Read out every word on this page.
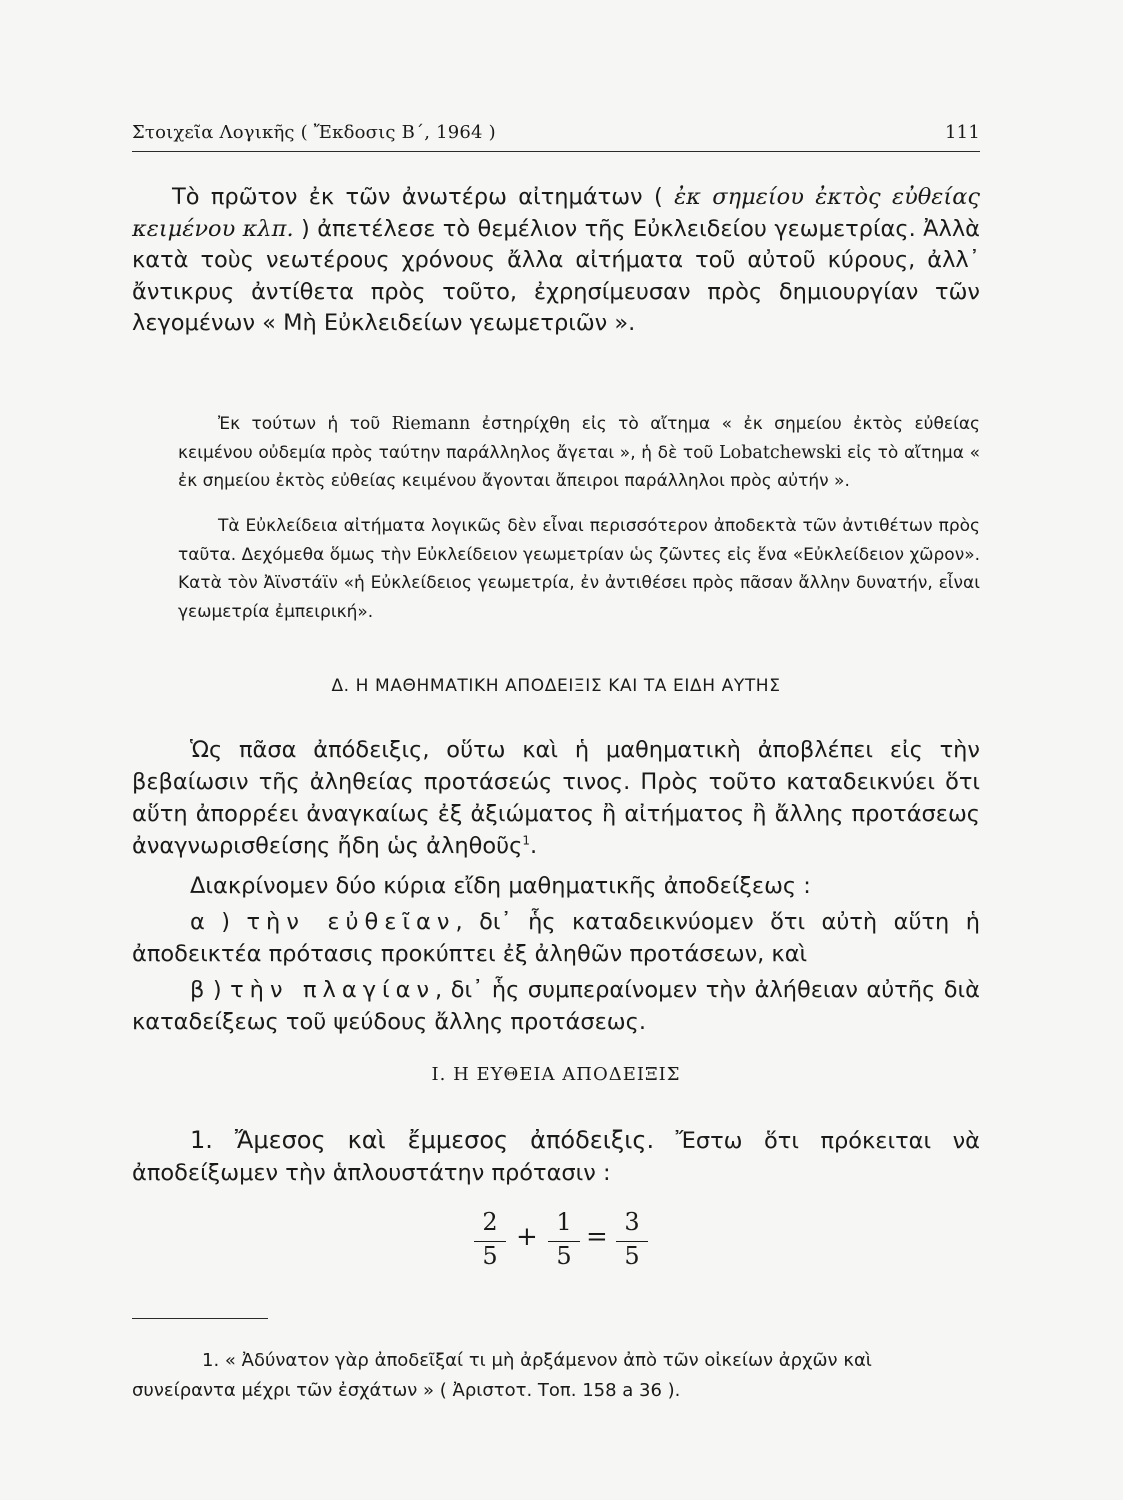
Στοιχεῖα Λογικῆς ( Ἔκδοσις Β΄, 1964 )	111

Τὸ πρῶτον ἐκ τῶν ἀνωτέρω αἰτημάτων ( ἐκ σημείου ἐκτὸς εὐθείας κειμένου κλπ. ) ἀπετέλεσε τὸ θεμέλιον τῆς Εὐκλειδείου γεωμετρίας. Ἀλλὰ κατὰ τοὺς νεωτέρους χρόνους ἄλλα αἰτήματα τοῦ αὐτοῦ κύρους, ἀλλ᾿ ἄντικρυς ἀντίθετα πρὸς τοῦτο, ἐχρησίμευσαν πρὸς δημιουργίαν τῶν λεγομένων « Μὴ Εὐκλειδείων γεωμετριῶν ».

Ἐκ τούτων ἡ τοῦ Riemann ἐστηρίχθη εἰς τὸ αἴτημα « ἐκ σημείου ἐκτὸς εὐθείας κειμένου οὐδεμία πρὸς ταύτην παράλληλος ἄγεται », ἡ δὲ τοῦ Lobatchewski εἰς τὸ αἴτημα « ἐκ σημείου ἐκτὸς εὐθείας κειμένου ἄγονται ἄπειροι παράλληλοι πρὸς αὐτήν ».

Τὰ Εὐκλείδεια αἰτήματα λογικῶς δὲν εἶναι περισσότερον ἀποδεκτὰ τῶν ἀντιθέτων πρὸς ταῦτα. Δεχόμεθα ὅμως τὴν Εὐκλείδειον γεωμετρίαν ὡς ζῶντες εἰς ἕνα «Εὐκλείδειον χῶρον». Κατὰ τὸν Ἀϊνστάϊν «ἡ Εὐκλείδειος γεωμετρία, ἐν ἀντιθέσει πρὸς πᾶσαν ἄλλην δυνατήν, εἶναι γεωμετρία ἐμπειρική».

Δ. Η ΜΑΘΗΜΑΤΙΚΗ ΑΠΟΔΕΙΞΙΣ ΚΑΙ ΤΑ ΕΙΔΗ ΑΥΤΗΣ

Ὡς πᾶσα ἀπόδειξις, οὕτω καὶ ἡ μαθηματικὴ ἀποβλέπει εἰς τὴν βεβαίωσιν τῆς ἀληθείας προτάσεώς τινος. Πρὸς τοῦτο καταδεικνύει ὅτι αὕτη ἀπορρέει ἀναγκαίως ἐξ ἀξιώματος ἢ αἰτήματος ἢ ἄλλης προτάσεως ἀναγνωρισθείσης ἤδη ὡς ἀληθοῦς$^1$.

Διακρίνομεν δύο κύρια εἴδη μαθηματικῆς ἀποδείξεως :

α ) τὴν εὐθεῖαν, δι᾿ ἧς καταδεικνύομεν ὅτι αὐτὴ αὕτη ἡ ἀποδεικτέα πρότασις προκύπτει ἐξ ἀληθῶν προτάσεων, καὶ

β ) τὴν πλαγίαν, δι᾿ ἧς συμπεραίνομεν τὴν ἀλήθειαν αὐτῆς διὰ καταδείξεως τοῦ ψεύδους ἄλλης προτάσεως.

Ι. Η ΕΥΘΕΙΑ ΑΠΟΔΕΙΞΙΣ

1. Ἄμεσος καὶ ἔμμεσος ἀπόδειξις. Ἔστω ὅτι πρόκειται νὰ ἀποδείξωμεν τὴν ἁπλουστάτην πρότασιν :

2
5
+ 1
5
= 3
5
1. « Ἀδύνατον γὰρ ἀποδεῖξαί τι μὴ ἀρξάμενον ἀπὸ τῶν οἰκείων ἀρχῶν καὶ
συνείραντα μέχρι τῶν ἐσχάτων » ( Ἀριστοτ. Τοπ. 158 a 36 ).
